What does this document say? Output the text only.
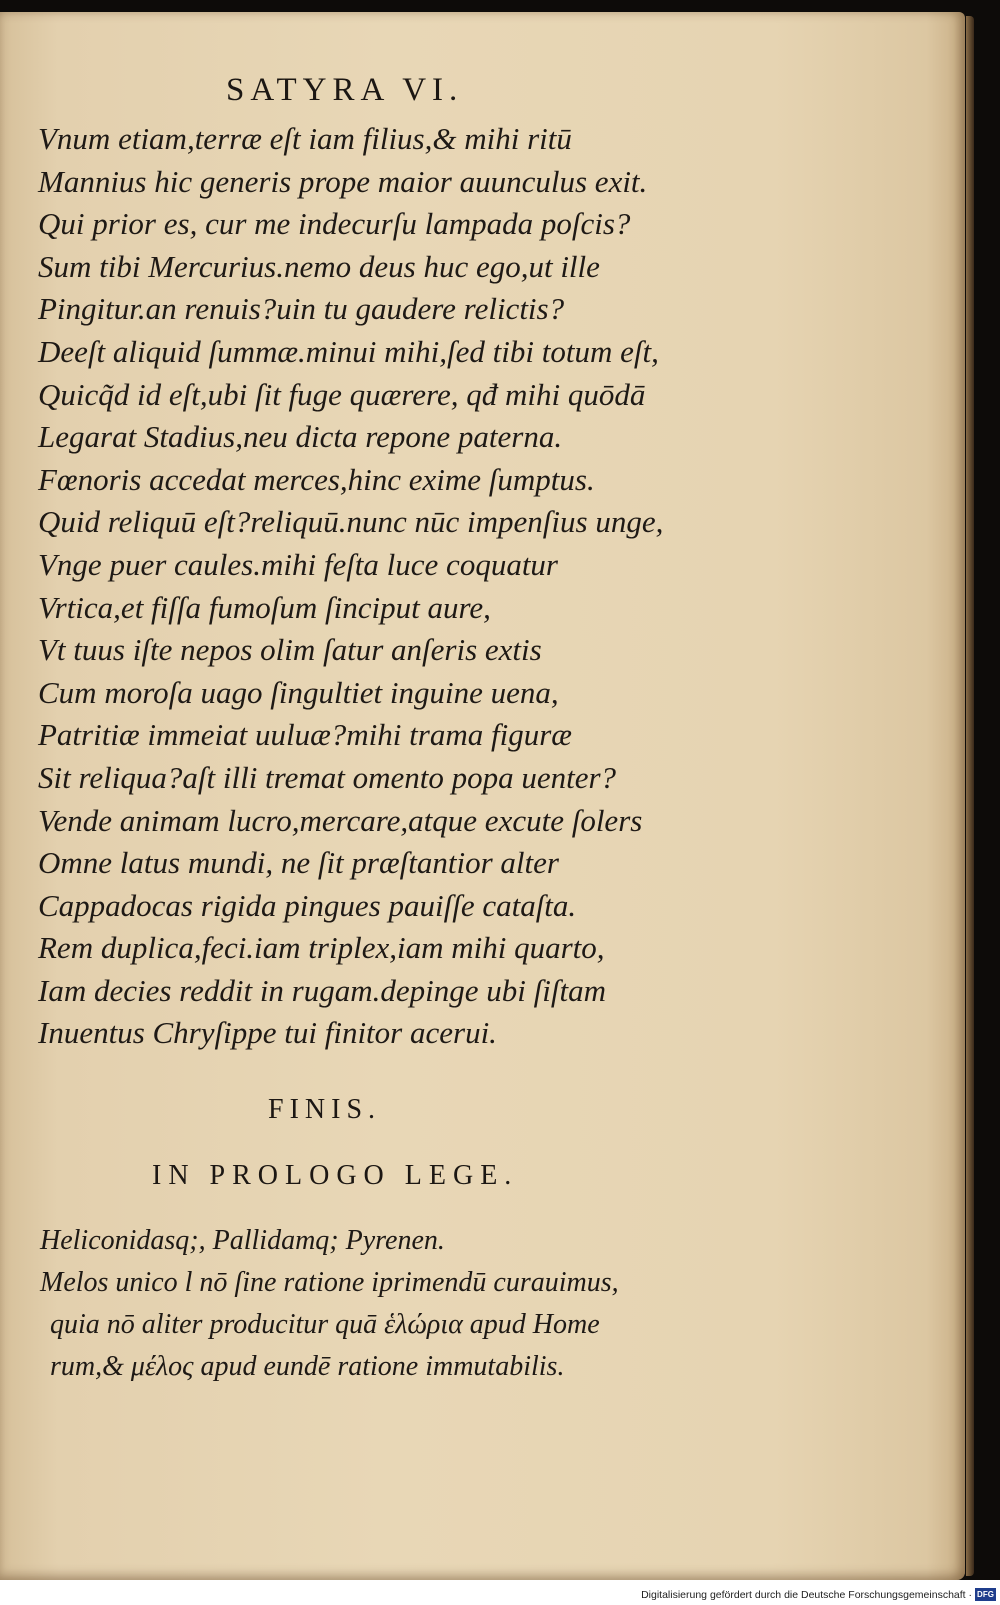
SATYRA VI.
Vnum etiam,terræ eſt iam filius,& mihi ritū
Mannius hic generis prope maior auunculus exit.
Qui prior es, cur me indecurſu lampada poſcis?
Sum tibi Mercurius.nemo deus huc ego,ut ille
Pingitur.an renuis?uin tu gaudere relictis?
Deeſt aliquid ſummæ.minui mihi,ſed tibi totum eſt,
Quicq̃d id eſt,ubi ſit fuge quærere, qđ mihi quōdā
Legarat Stadius,neu dicta repone paterna.
Fœnoris accedat merces,hinc exime ſumptus.
Quid reliquū eſt?reliquū.nunc nūc impenſius unge,
Vnge puer caules.mihi feſta luce coquatur
Vrtica,et fiſſa fumoſum ſinciput aure,
Vt tuus iſte nepos olim ſatur anſeris extis
Cum moroſa uago ſingultiet inguine uena,
Patritiæ immeiat uuluæ?mihi trama figuræ
Sit reliqua?aſt illi tremat omento popa uenter?
Vende animam lucro,mercare,atque excute ſolers
Omne latus mundi, ne ſit præſtantior alter
Cappadocas rigida pingues pauiſſe cataſta.
Rem duplica,feci.iam triplex,iam mihi quarto,
Iam decies reddit in rugam.depinge ubi ſiſtam
Inuentus Chryſippe tui finitor acerui.
FINIS.
IN PROLOGO LEGE.
Heliconidasq;, Pallidamq; Pyrenen.
Melos unico l nō ſine ratione iprimendū curauimus,
quia nō aliter producitur quā ἑλώρια apud Home
rum,& μέλος apud eundē ratione immutabilis.
Digitalisierung gefördert durch die Deutsche Forschungsgemeinschaft · DFG
